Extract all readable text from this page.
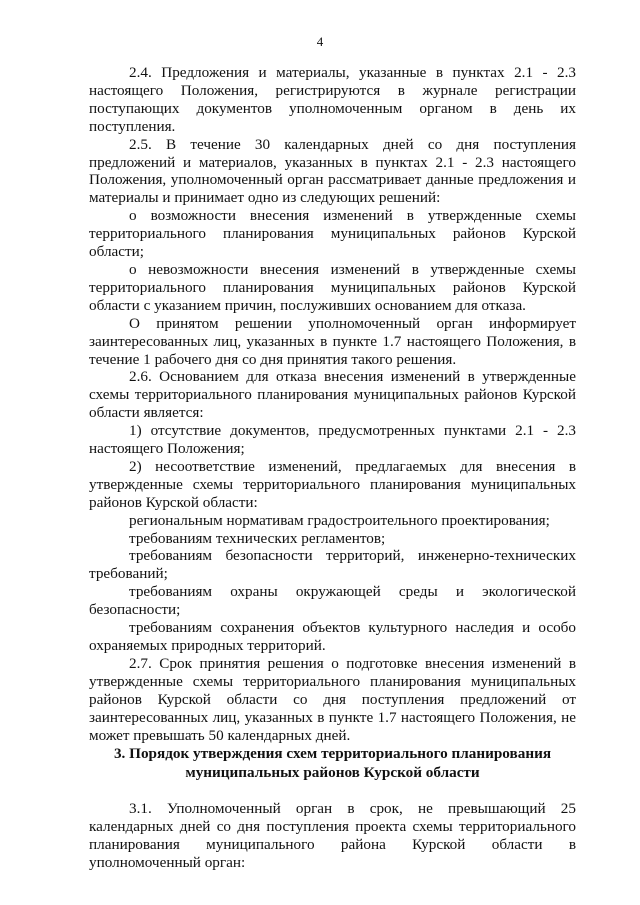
4

2.4. Предложения и материалы, указанные в пунктах 2.1 - 2.3 настоящего Положения, регистрируются в журнале регистрации поступающих документов уполномоченным органом в день их поступления.

2.5. В течение 30 календарных дней со дня поступления предложений и материалов, указанных в пунктах 2.1 - 2.3 настоящего Положения, уполномоченный орган рассматривает данные предложения и материалы и принимает одно из следующих решений:

о возможности внесения изменений в утвержденные схемы территориального планирования муниципальных районов Курской области;

о невозможности внесения изменений в утвержденные схемы территориального планирования муниципальных районов Курской области с указанием причин, послуживших основанием для отказа.

О принятом решении уполномоченный орган информирует заинтересованных лиц, указанных в пункте 1.7 настоящего Положения, в течение 1 рабочего дня со дня принятия такого решения.

2.6. Основанием для отказа внесения изменений в утвержденные схемы территориального планирования муниципальных районов Курской области является:

1) отсутствие документов, предусмотренных пунктами 2.1 - 2.3 настоящего Положения;

2) несоответствие изменений, предлагаемых для внесения в утвержденные схемы территориального планирования муниципальных районов Курской области:

региональным нормативам градостроительного проектирования;

требованиям технических регламентов;

требованиям безопасности территорий, инженерно-технических требований;

требованиям охраны окружающей среды и экологической безопасности;

требованиям сохранения объектов культурного наследия и особо охраняемых природных территорий.

2.7. Срок принятия решения о подготовке внесения изменений в утвержденные схемы территориального планирования муниципальных районов Курской области со дня поступления предложений от заинтересованных лиц, указанных в пункте 1.7 настоящего Положения, не может превышать 50 календарных дней.

3. Порядок утверждения схем территориального планирования
муниципальных районов Курской области

3.1. Уполномоченный орган в срок, не превышающий 25 календарных дней со дня поступления проекта схемы территориального планирования муниципального района Курской области в уполномоченный орган:
